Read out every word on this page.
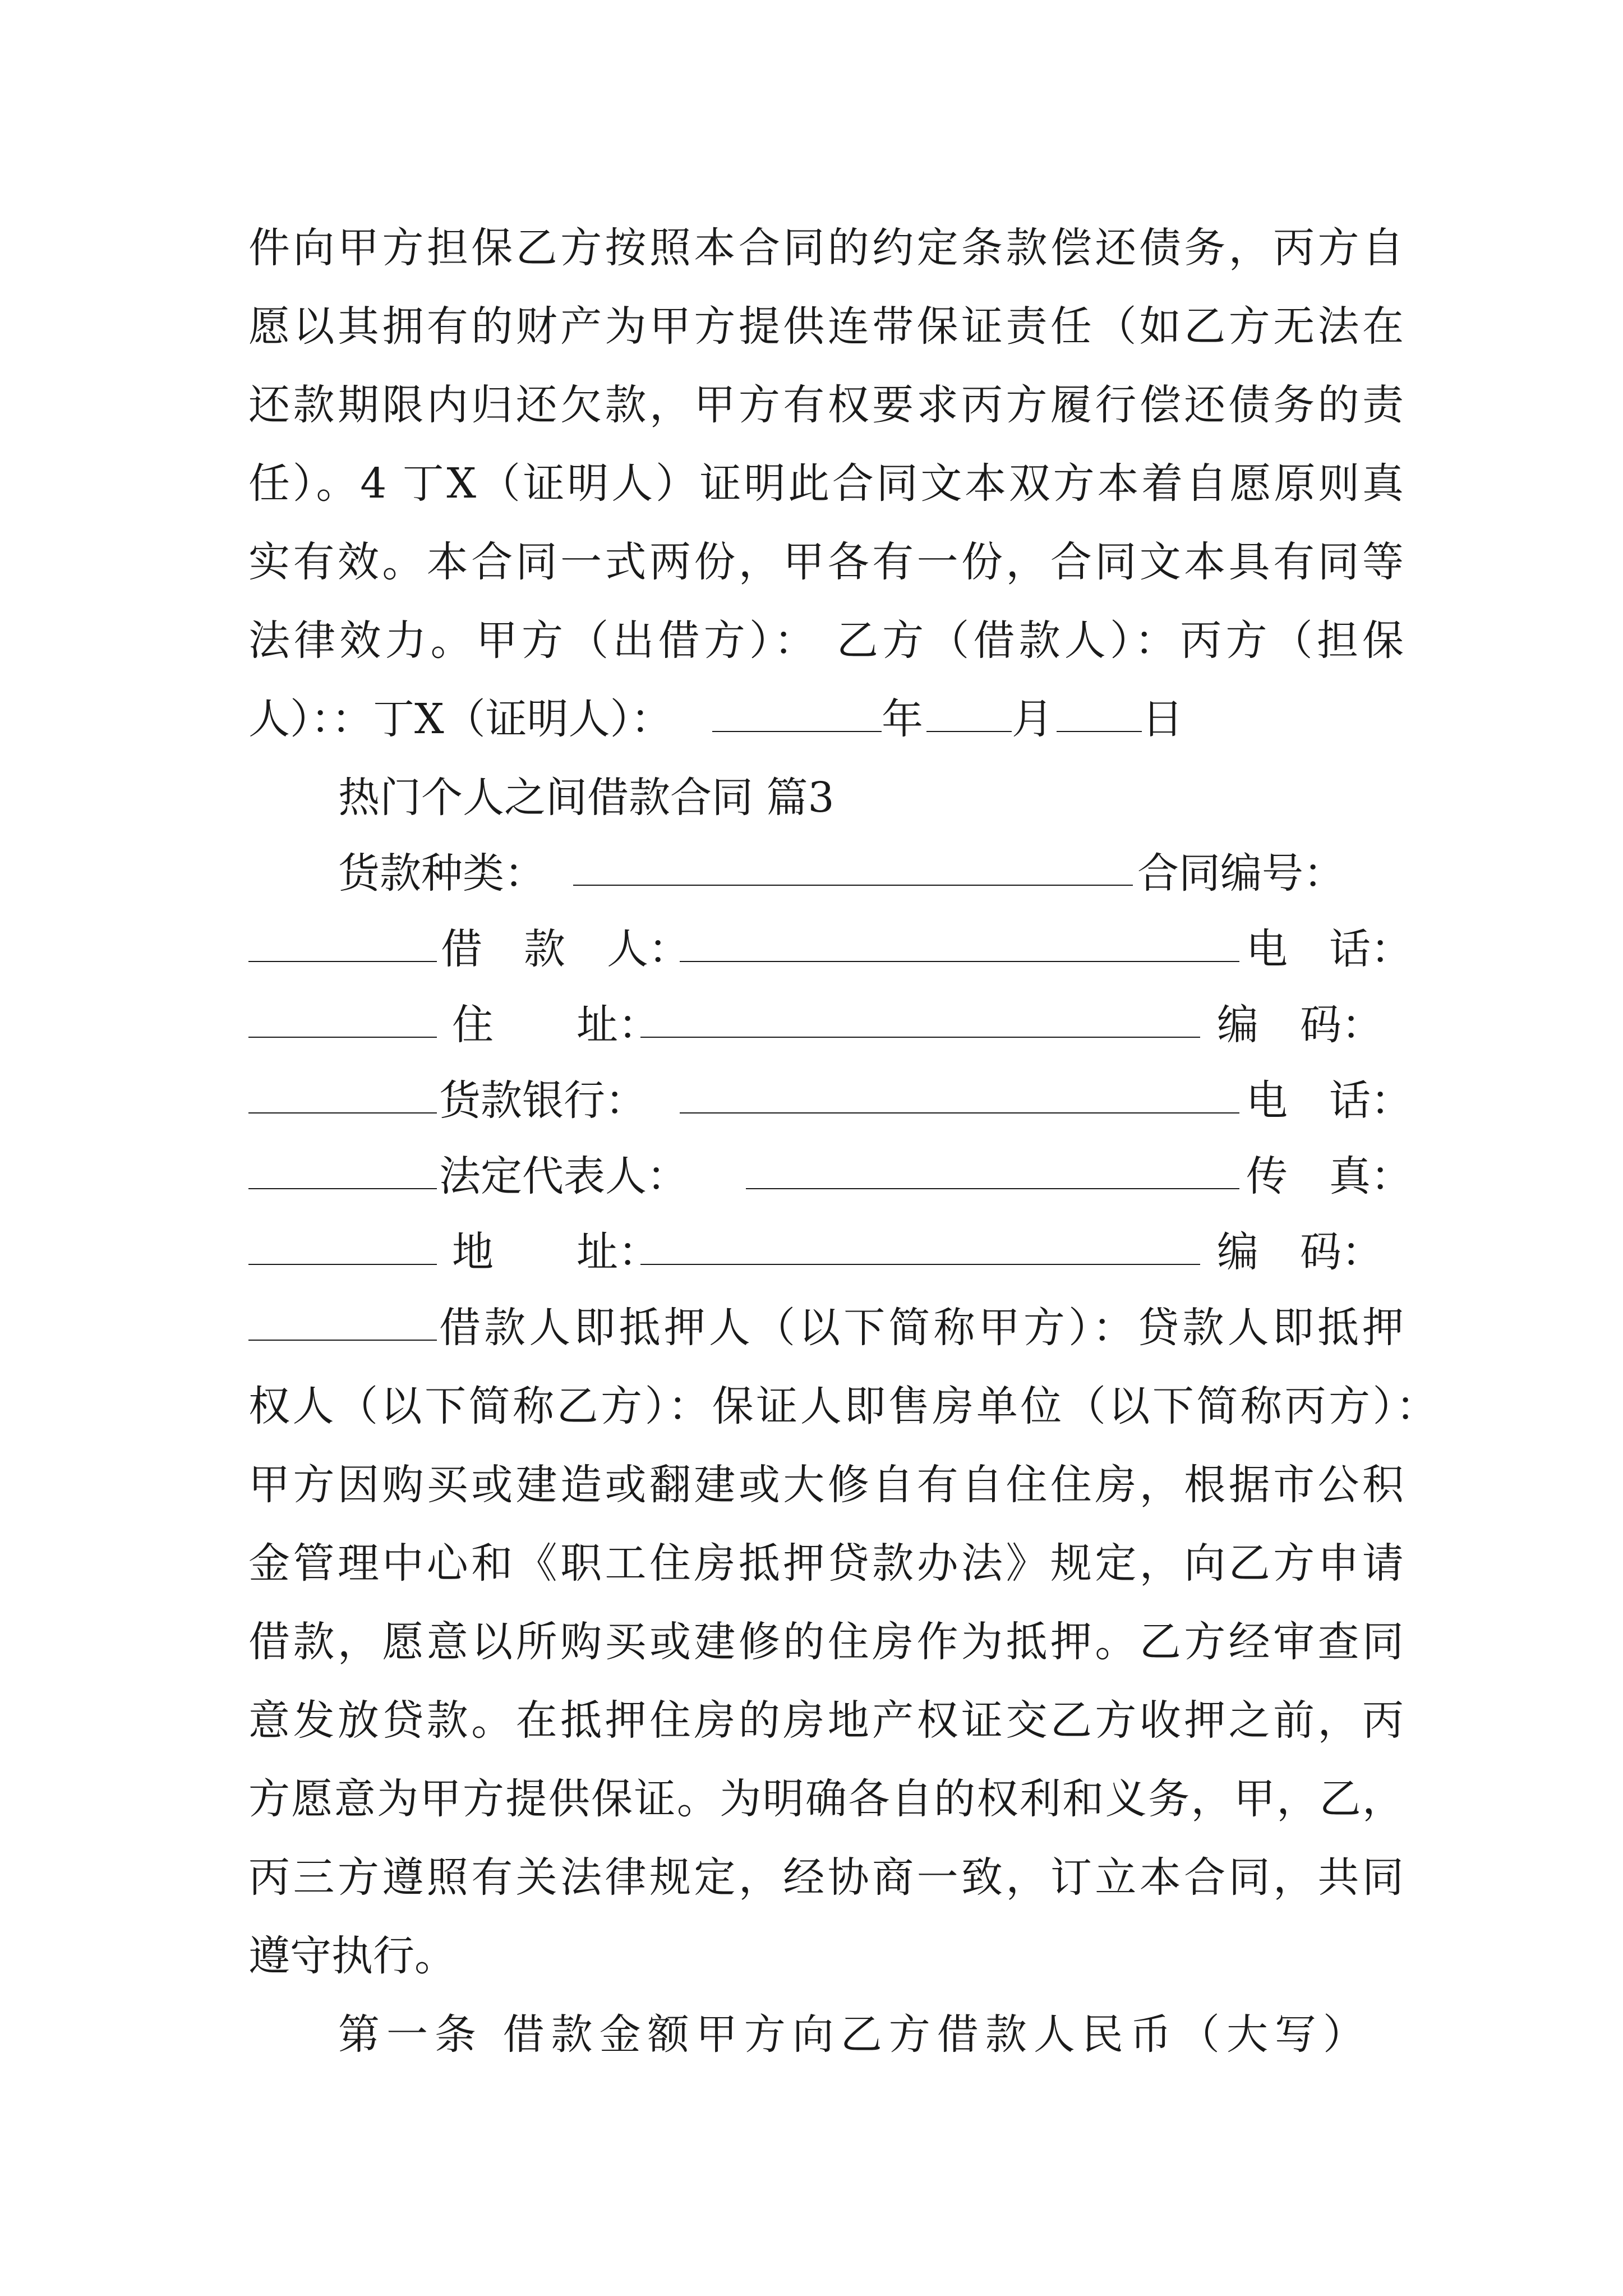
件向甲方担保乙方按照本合同的约定条款偿还债务，丙方自
愿以其拥有的财产为甲方提供连带保证责任（如乙方无法在
还款期限内归还欠款，甲方有权要求丙方履行偿还债务的责
任）。4 丁X（证明人）证明此合同文本双方本着自愿原则真
实有效。本合同一式两份，甲各有一份，合同文本具有同等
法律效力。甲方（出借方）： 乙方（借款人）：丙方（担保
人）：：丁X（证明人）：	年 月 日
热门个人之间借款合同 篇3
货款种类：	合同编号：
借　款　人：	电　话：
住　　址：	编　码：
货款银行：	电　话：
法定代表人：	传　真：
地　　址：	编　码：
借款人即抵押人（以下简称甲方）：贷款人即抵押
权人（以下简称乙方）：保证人即售房单位（以下简称丙方）：
甲方因购买或建造或翻建或大修自有自住住房，根据市公积
金管理中心和《职工住房抵押贷款办法》规定，向乙方申请
借款，愿意以所购买或建修的住房作为抵押。乙方经审查同
意发放贷款。在抵押住房的房地产权证交乙方收押之前，丙
方愿意为甲方提供保证。为明确各自的权利和义务，甲，乙，
丙三方遵照有关法律规定，经协商一致，订立本合同，共同
遵守执行。
第一条 借款金额甲方向乙方借款人民币（大写）
